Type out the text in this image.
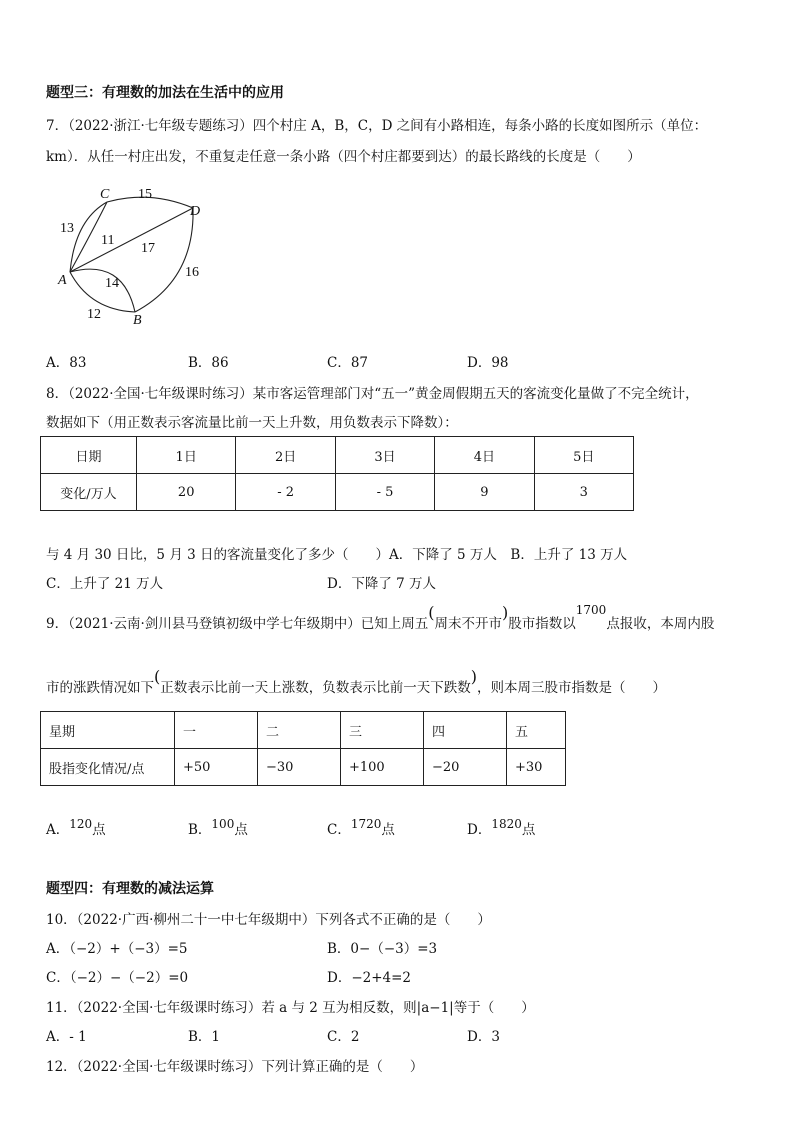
题型三：有理数的加法在生活中的应用
7．（2022·浙江·七年级专题练习）四个村庄 A，B，C，D 之间有小路相连，每条小路的长度如图所示（单位：
km）．从任一村庄出发，不重复走任意一条小路（四个村庄都要到达）的最长路线的长度是（　　）
A
C
D
B
13
15
11
17
16
14
12
A．83	B．86	C．87	D．98
8．（2022·全国·七年级课时练习）某市客运管理部门对“五一”黄金周假期五天的客流变化量做了不完全统计，
数据如下（用正数表示客流量比前一天上升数，用负数表示下降数）：
日期	1日	2日	3日	4日	5日
变化/万人	20	- 2	- 5	9	3
与 4 月 30 日比，5 月 3 日的客流量变化了多少（　　）A．下降了 5 万人　B．上升了 13 万人
C．上升了 21 万人	D．下降了 7 万人
9．（2021·云南·剑川县马登镇初级中学七年级期中）已知上周五(周末不开市)股市指数以1700点报收，本周内股
市的涨跌情况如下(正数表示比前一天上涨数，负数表示比前一天下跌数)，则本周三股市指数是（　　）
星期	一	二	三	四	五
股指变化情况/点	+50	−30	+100	−20	+30
A．120点	B．100点	C．1720点	D．1820点
题型四：有理数的减法运算
10．（2022·广西·柳州二十一中七年级期中）下列各式不正确的是（　　）
A．（−2）+（−3）=5	B．0−（−3）=3
C．（−2）−（−2）=0	D．−2+4=2
11．（2022·全国·七年级课时练习）若 a 与 2 互为相反数，则|a−1|等于（　　）
A．- 1	B．1	C．2	D．3
12．（2022·全国·七年级课时练习）下列计算正确的是（　　）
